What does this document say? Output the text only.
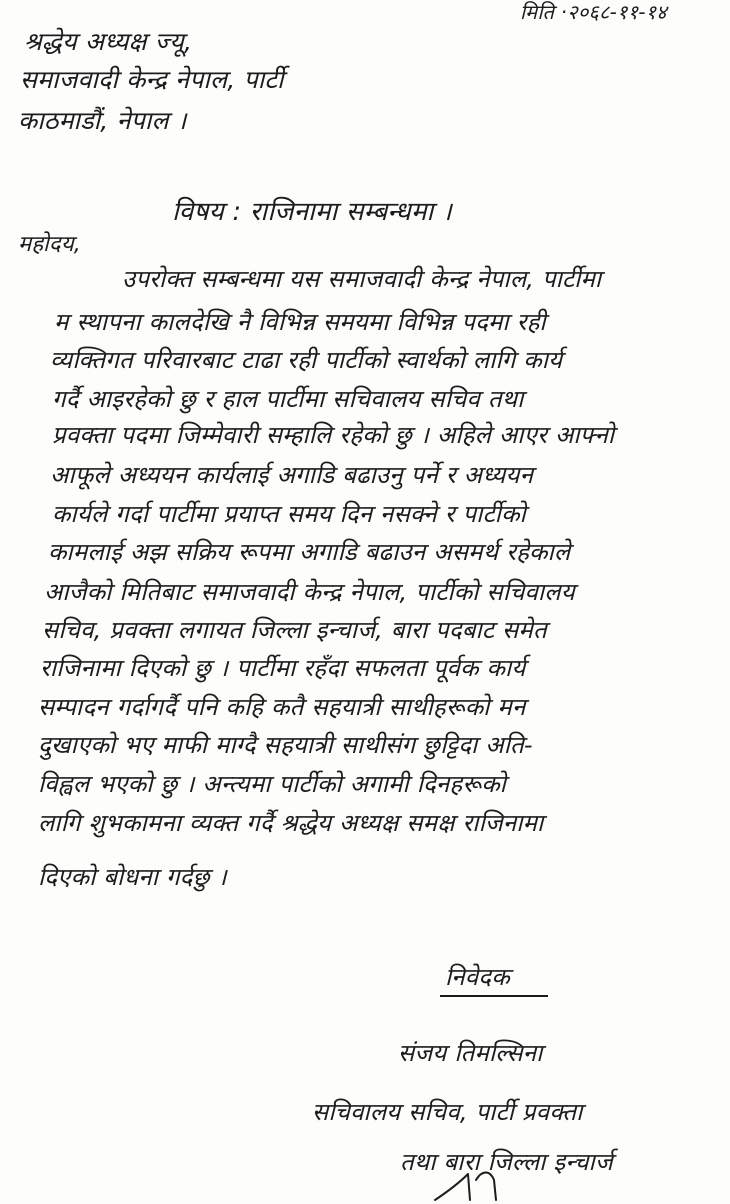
मिति ·२०६८-११-१४
श्रद्धेय अध्यक्ष ज्यू,
समाजवादी केन्द्र नेपाल, पार्टी
काठमाडौं, नेपाल ।
विषय : राजिनामा सम्बन्धमा ।
महोदय,
उपरोक्त सम्बन्धमा यस समाजवादी केन्द्र नेपाल, पार्टीमा
म स्थापना कालदेखि नै विभिन्न समयमा विभिन्न पदमा रही
व्यक्तिगत परिवारबाट टाढा रही पार्टीको स्वार्थको लागि कार्य
गर्दै आइरहेको छु र हाल पार्टीमा सचिवालय सचिव तथा
प्रवक्ता पदमा जिम्मेवारी सम्हालि रहेको छु । अहिले आएर आफ्नो
आफूले अध्ययन कार्यलाई अगाडि बढाउनु पर्ने र अध्ययन
कार्यले गर्दा पार्टीमा प्रयाप्त समय दिन नसक्ने र पार्टीको
कामलाई अझ सक्रिय रूपमा अगाडि बढाउन असमर्थ रहेकाले
आजैको मितिबाट समाजवादी केन्द्र नेपाल, पार्टीको सचिवालय
सचिव, प्रवक्ता लगायत जिल्ला इन्चार्ज, बारा पदबाट समेत
राजिनामा दिएको छु । पार्टीमा रहँदा सफलता पूर्वक कार्य
सम्पादन गर्दागर्दै पनि कहि कतै सहयात्री साथीहरूको मन
दुखाएको भए माफी माग्दै सहयात्री साथीसंग छुट्टिदा अति-
विह्वल भएको छु । अन्त्यमा पार्टीको अगामी दिनहरूको
लागि शुभकामना व्यक्त गर्दै श्रद्धेय अध्यक्ष समक्ष राजिनामा
दिएको बोधना गर्दछु ।
निवेदक
संजय तिमल्सिना
सचिवालय सचिव, पार्टी प्रवक्ता
तथा बारा जिल्ला इन्चार्ज
